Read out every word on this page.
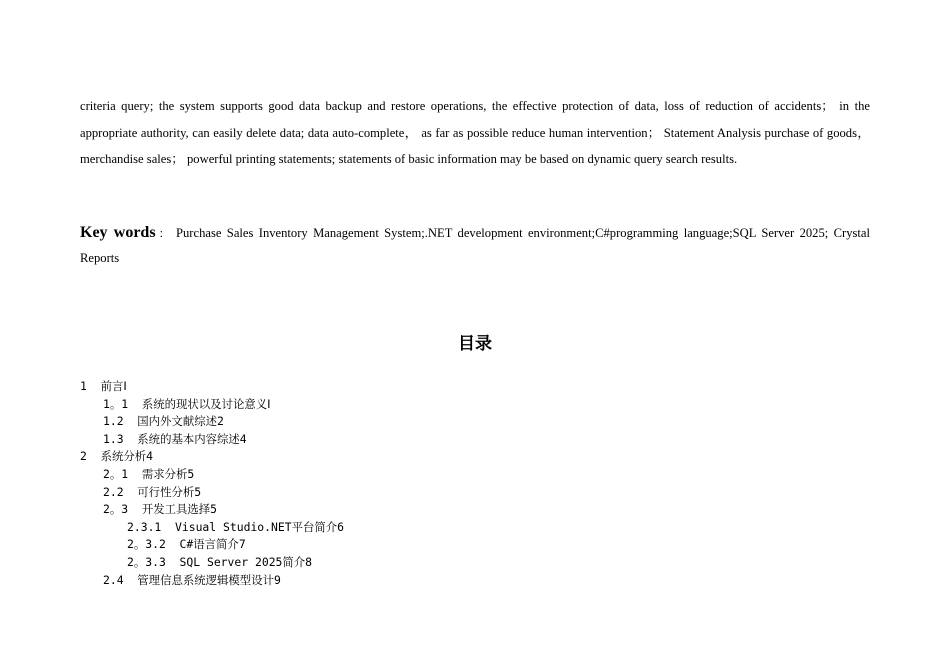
criteria query; the system supports good data backup and restore operations, the effective protection of data, loss of reduction of accidents； in the appropriate authority, can easily delete data; data auto-complete， as far as possible reduce human intervention； Statement Analysis purchase of goods， merchandise sales； powerful printing statements; statements of basic information may be based on dynamic query search results.

Key words： Purchase Sales Inventory Management System;.NET development environment;C#programming language;SQL Server 2025; Crystal Reports

目录
1  前言Ⅰ
1。1  系统的现状以及讨论意义Ⅰ
1.2  国内外文献综述2
1.3  系统的基本内容综述4
2  系统分析4
2。1  需求分析5
2.2  可行性分析5
2。3  开发工具选择5
2.3.1  Visual Studio.NET平台简介6
2。3.2  C#语言简介7
2。3.3  SQL Server 2025简介8
2.4  管理信息系统逻辑模型设计9
